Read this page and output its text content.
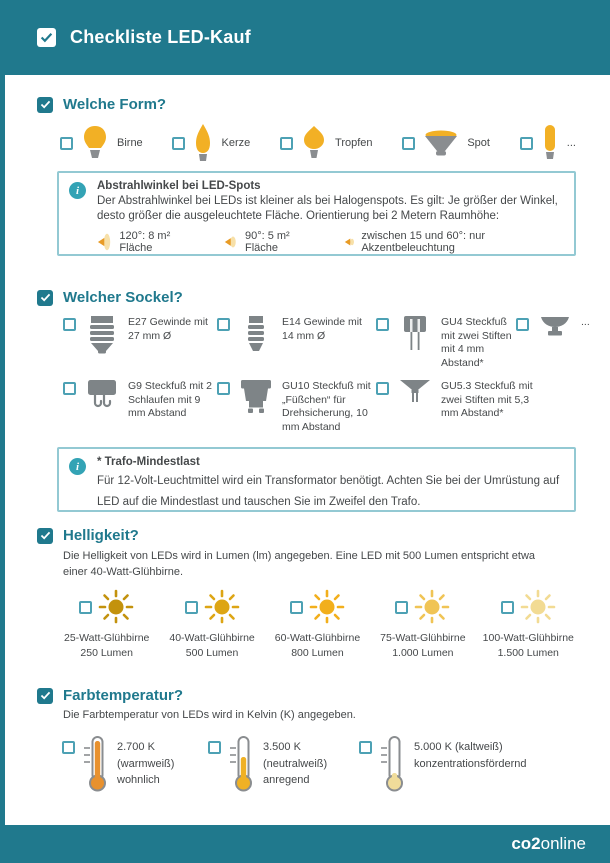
Checkliste LED-Kauf
Welche Form?
Birne	Kerze	Tropfen	Spot	...
i	Abstrahlwinkel bei LED-Spots
Der Abstrahlwinkel bei LEDs ist kleiner als bei Halogenspots. Es gilt: Je größer der Winkel, desto größer die ausgeleuchtete Fläche. Orientierung bei 2 Metern Raumhöhe:
120°: 8 m² Fläche
90°: 5 m² Fläche
zwischen 15 und 60°: nur Akzentbeleuchtung
Welcher Sockel?
E27 Gewinde mit 27 mm Ø
E14 Gewinde mit 14 mm Ø
GU4 Steckfuß mit zwei Stiften mit 4 mm Abstand*
...
G9 Steckfuß mit 2 Schlaufen mit 9 mm Abstand
GU10 Steckfuß mit „Füßchen“ für Drehsicherung, 10 mm Abstand
GU5.3 Steckfuß mit zwei Stiften mit 5,3 mm Abstand*
i	* Trafo-Mindestlast
Für 12-Volt-Leuchtmittel wird ein Transformator benötigt. Achten Sie bei der Umrüstung auf LED auf die Mindestlast und tauschen Sie im Zweifel den Trafo.
Helligkeit?
Die Helligkeit von LEDs wird in Lumen (lm) angegeben. Eine LED mit 500 Lumen entspricht etwa einer 40-Watt-Glühbirne.
25-Watt-Glühbirne
250 Lumen
40-Watt-Glühbirne
500 Lumen
60-Watt-Glühbirne
800 Lumen
75-Watt-Glühbirne
1.000 Lumen
100-Watt-Glühbirne
1.500 Lumen
Farbtemperatur?
Die Farbtemperatur von LEDs wird in Kelvin (K) angegeben.
2.700 K (warmweiß)
wohnlich
3.500 K (neutralweiß)
anregend
5.000 K (kaltweiß)
konzentrationsfördernd
co2online
